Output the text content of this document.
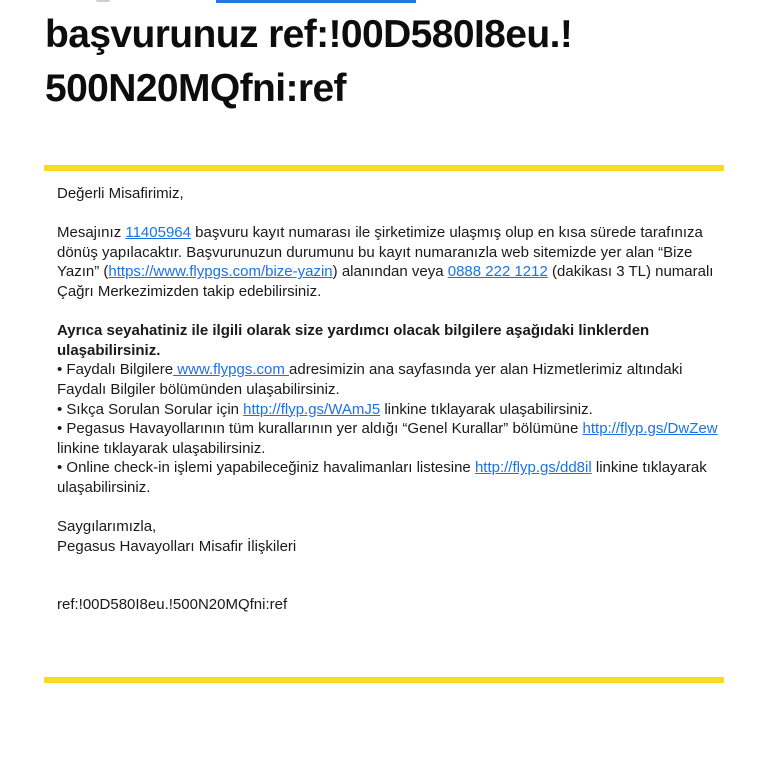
başvurunuz ref:!00D580I8eu.!
500N20MQfni:ref

Değerli Misafirimiz,

Mesajınız 11405964 başvuru kayıt numarası ile şirketimize ulaşmış olup en kısa sürede tarafınıza dönüş yapılacaktır. Başvurunuzun durumunu bu kayıt numaranızla web sitemizde yer alan “Bize Yazın” (https://www.flypgs.com/bize-yazin) alanından veya 0888 222 1212 (dakikası 3 TL) numaralı Çağrı Merkezimizden takip edebilirsiniz.

Ayrıca seyahatiniz ile ilgili olarak size yardımcı olacak bilgilere aşağıdaki linklerden ulaşabilirsiniz.

• Faydalı Bilgilere www.flypgs.com adresimizin ana sayfasında yer alan Hizmetlerimiz altındaki Faydalı Bilgiler bölümünden ulaşabilirsiniz.

• Sıkça Sorulan Sorular için http://flyp.gs/WAmJ5 linkine tıklayarak ulaşabilirsiniz.

• Pegasus Havayollarının tüm kurallarının yer aldığı “Genel Kurallar” bölümüne http://flyp.gs/DwZew linkine tıklayarak ulaşabilirsiniz.

• Online check-in işlemi yapabileceğiniz havalimanları listesine http://flyp.gs/dd8il linkine tıklayarak ulaşabilirsiniz.

Saygılarımızla,

Pegasus Havayolları Misafir İlişkileri

ref:!00D580I8eu.!500N20MQfni:ref
